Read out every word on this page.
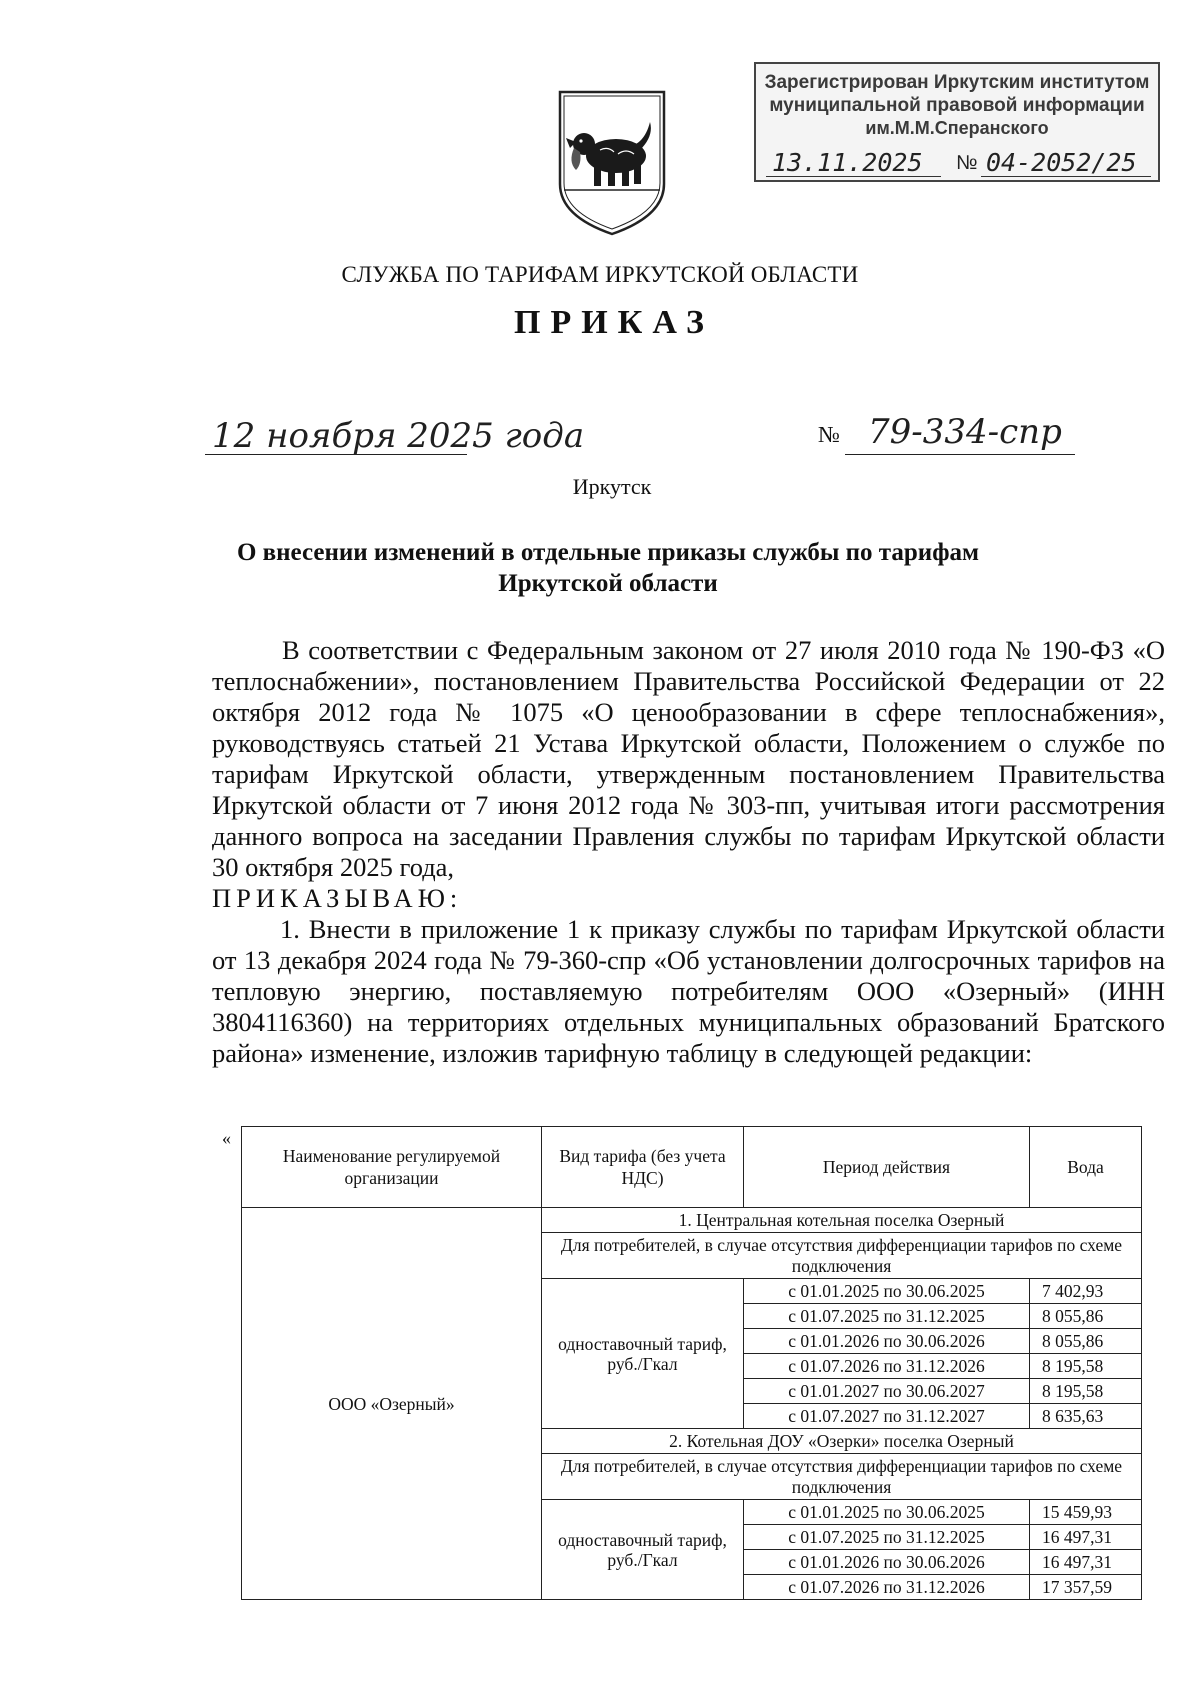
Зарегистрирован Иркутским институтом
муниципальной правовой информации
им.М.М.Сперанского
13.11.2025 № 04-2052/25
СЛУЖБА ПО ТАРИФАМ ИРКУТСКОЙ ОБЛАСТИ
ПРИКАЗ
12 ноября 2025 года	№ 79-334-спр
Иркутск
О внесении изменений в отдельные приказы службы по тарифам
Иркутской области

В соответствии с Федеральным законом от 27 июля 2010 года № 190-ФЗ «О теплоснабжении», постановлением Правительства Российской Федерации от 22 октября 2012 года № 1075 «О ценообразовании в сфере теплоснабжения», руководствуясь статьей 21 Устава Иркутской области, Положением о службе по тарифам Иркутской области, утвержденным постановлением Правительства Иркутской области от 7 июня 2012 года № 303-пп, учитывая итоги рассмотрения данного вопроса на заседании Правления службы по тарифам Иркутской области 30 октября 2025 года,

ПРИКАЗЫВАЮ:

1. Внести в приложение 1 к приказу службы по тарифам Иркутской области от 13 декабря 2024 года № 79-360-спр «Об установлении долгосрочных тарифов на тепловую энергию, поставляемую потребителям ООО «Озерный» (ИНН 3804116360) на территориях отдельных муниципальных образований Братского района» изменение, изложив тарифную таблицу в следующей редакции:

«
Наименование регулируемой организации	Вид тарифа (без учета НДС)	Период действия	Вода
ООО «Озерный»	1. Центральная котельная поселка Озерный		
	Для потребителей, в случае отсутствия дифференциации тарифов по схеме подключения		
	одноставочный тариф, руб./Гкал	с 01.01.2025 по 30.06.2025	7 402,93
		с 01.07.2025 по 31.12.2025	8 055,86
		с 01.01.2026 по 30.06.2026	8 055,86
		с 01.07.2026 по 31.12.2026	8 195,58
		с 01.01.2027 по 30.06.2027	8 195,58
		с 01.07.2027 по 31.12.2027	8 635,63
	2. Котельная ДОУ «Озерки» поселка Озерный		
	Для потребителей, в случае отсутствия дифференциации тарифов по схеме подключения		
	одноставочный тариф, руб./Гкал	с 01.01.2025 по 30.06.2025	15 459,93
		с 01.07.2025 по 31.12.2025	16 497,31
		с 01.01.2026 по 30.06.2026	16 497,31
		с 01.07.2026 по 31.12.2026	17 357,59
